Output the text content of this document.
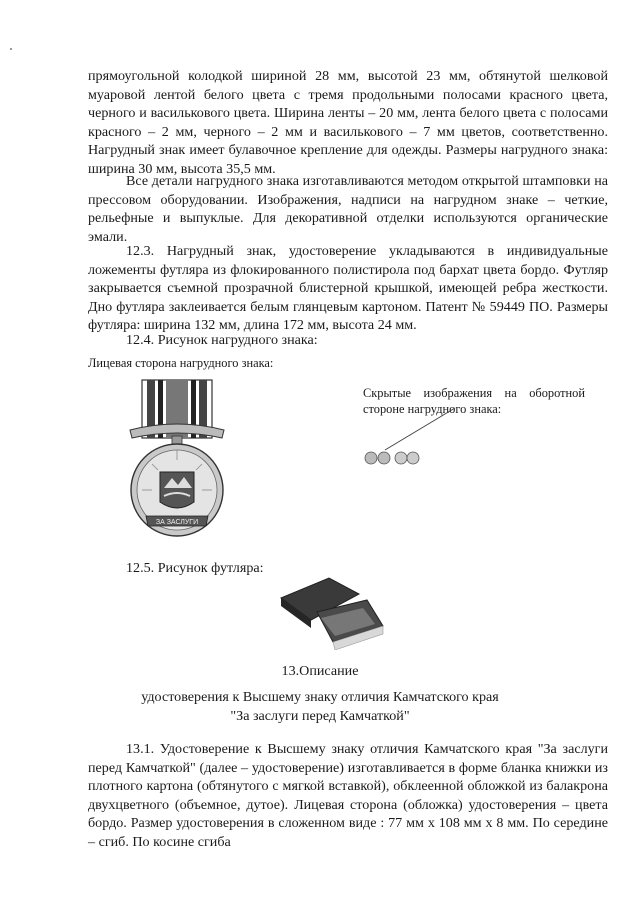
прямоугольной колодкой шириной 28 мм, высотой 23 мм, обтянутой шелковой муаровой лентой белого цвета с тремя продольными полосами красного цвета, черного и василькового цвета. Ширина ленты – 20 мм, лента белого цвета с полосами красного – 2 мм, черного – 2 мм и василькового – 7 мм цветов, соответственно. Нагрудный знак имеет булавочное крепление для одежды. Размеры нагрудного знака: ширина 30 мм, высота 35,5 мм.

Все детали нагрудного знака изготавливаются методом открытой штамповки на прессовом оборудовании. Изображения, надписи на нагрудном знаке – четкие, рельефные и выпуклые. Для декоративной отделки используются органические эмали.

12.3. Нагрудный знак, удостоверение укладываются в индивидуальные ложементы футляра из флокированного полистирола под бархат цвета бордо. Футляр закрывается съемной прозрачной блистерной крышкой, имеющей ребра жесткости. Дно футляра заклеивается белым глянцевым картоном. Патент № 59449 ПО. Размеры футляра: ширина 132 мм, длина 172 мм, высота 24 мм.

12.4. Рисунок нагрудного знака:

Лицевая сторона нагрудного знака:

ЗА ЗАСЛУГИ

Скрытые изображения на оборотной стороне нагрудного знака:

12.5. Рисунок футляра:

13.Описание

удостоверения к Высшему знаку отличия Камчатского края

"За заслуги перед Камчаткой"

13.1. Удостоверение к Высшему знаку отличия Камчатского края "За заслуги перед Камчаткой" (далее – удостоверение) изготавливается в форме бланка книжки из плотного картона (обтянутого с мягкой вставкой), обклеенной обложкой из балакрона двухцветного (объемное, дутое). Лицевая сторона (обложка) удостоверения – цвета бордо. Размер удостоверения в сложенном виде : 77 мм х 108 мм х 8 мм. По середине – сгиб. По косине сгиба
